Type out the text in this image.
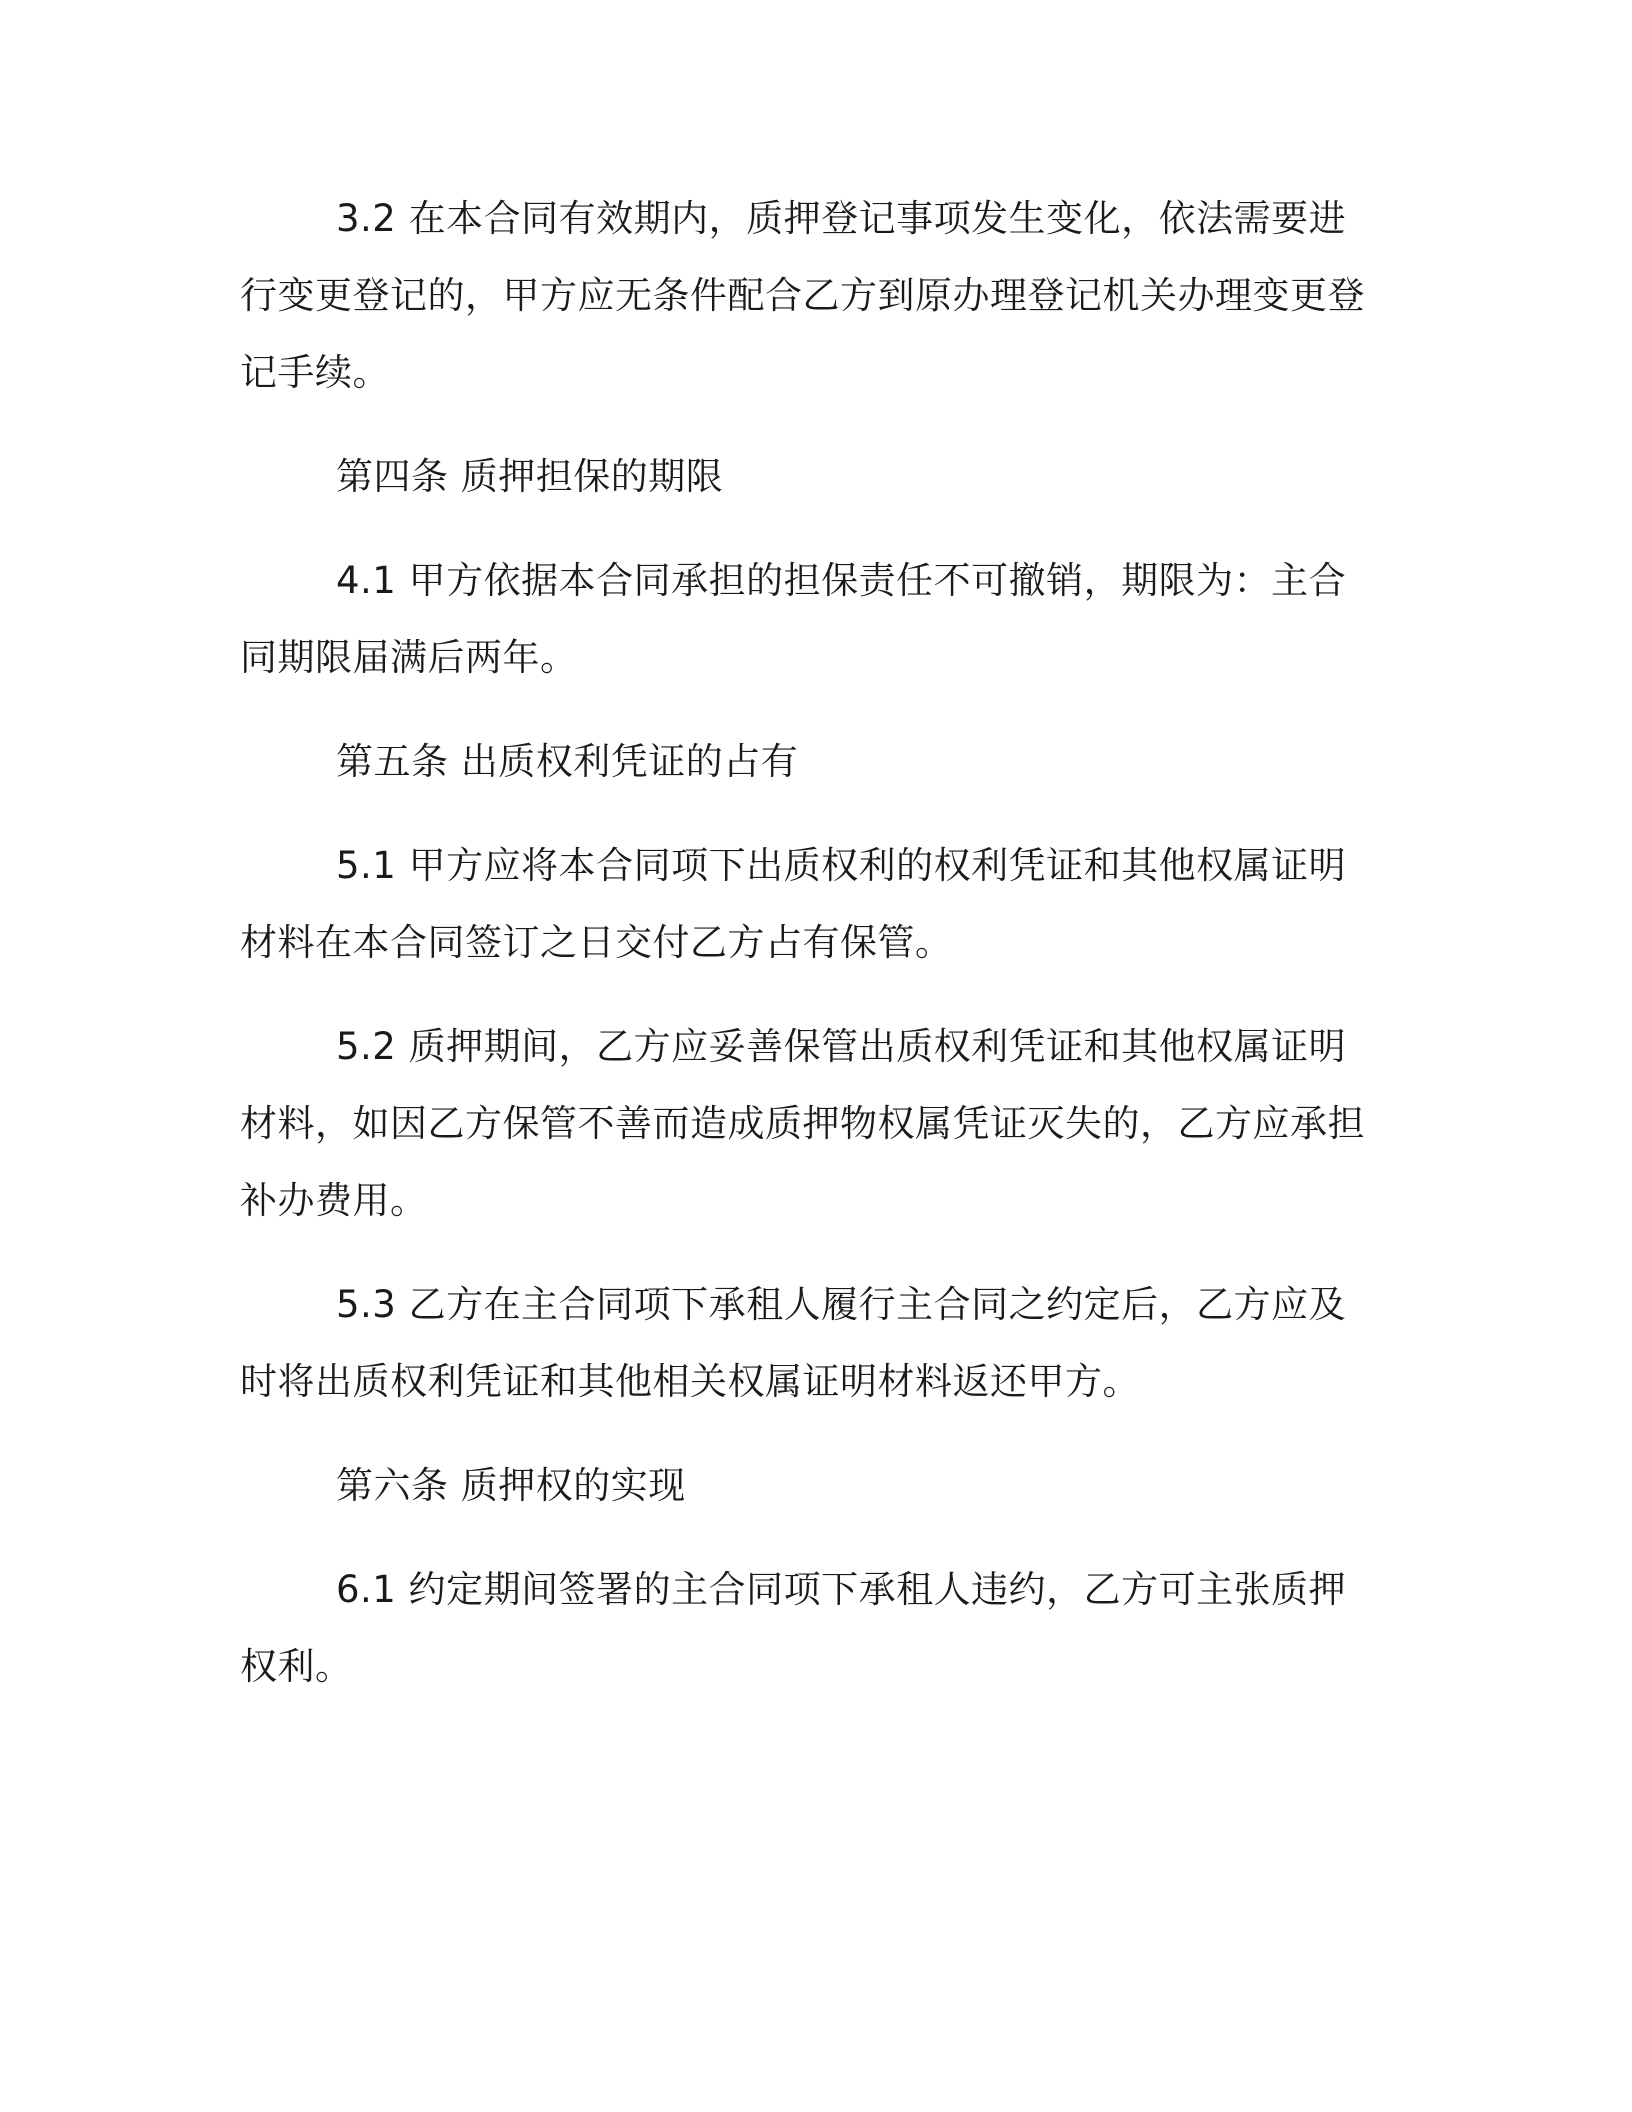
3.2 在本合同有效期内，质押登记事项发生变化，依法需要进行变更登记的，甲方应无条件配合乙方到原办理登记机关办理变更登记手续。

第四条 质押担保的期限

4.1 甲方依据本合同承担的担保责任不可撤销，期限为：主合同期限届满后两年。

第五条 出质权利凭证的占有

5.1 甲方应将本合同项下出质权利的权利凭证和其他权属证明材料在本合同签订之日交付乙方占有保管。

5.2 质押期间，乙方应妥善保管出质权利凭证和其他权属证明材料，如因乙方保管不善而造成质押物权属凭证灭失的，乙方应承担补办费用。

5.3 乙方在主合同项下承租人履行主合同之约定后，乙方应及时将出质权利凭证和其他相关权属证明材料返还甲方。

第六条 质押权的实现

6.1 约定期间签署的主合同项下承租人违约，乙方可主张质押权利。
